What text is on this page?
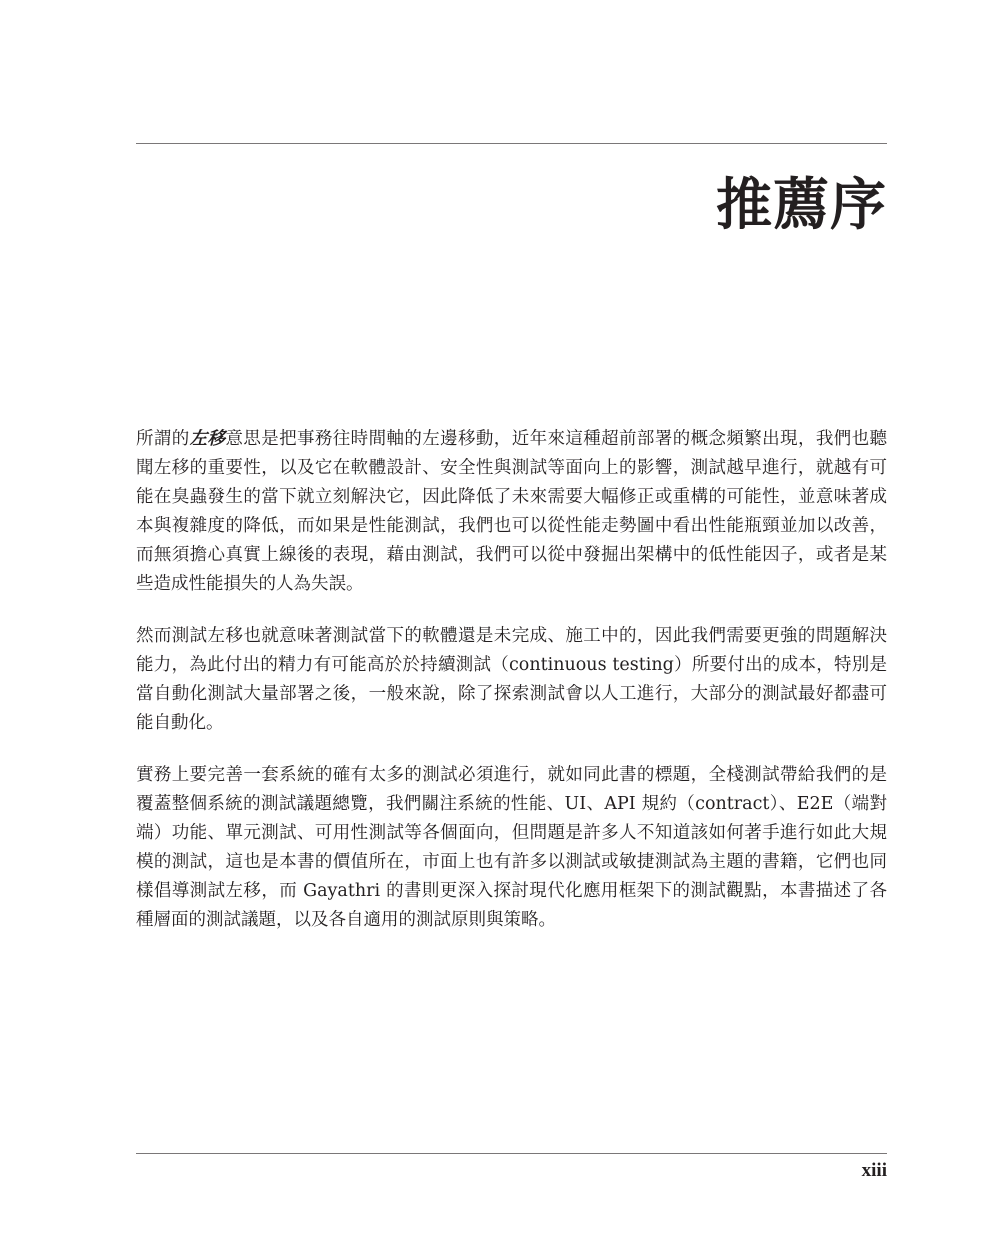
推薦序

所謂的左移意思是把事務往時間軸的左邊移動，近年來這種超前部署的概念頻繁出現，我們也聽聞左移的重要性，以及它在軟體設計、安全性與測試等面向上的影響，測試越早進行，就越有可能在臭蟲發生的當下就立刻解決它，因此降低了未來需要大幅修正或重構的可能性，並意味著成本與複雜度的降低，而如果是性能測試，我們也可以從性能走勢圖中看出性能瓶頸並加以改善，而無須擔心真實上線後的表現，藉由測試，我們可以從中發掘出架構中的低性能因子，或者是某些造成性能損失的人為失誤。

然而測試左移也就意味著測試當下的軟體還是未完成、施工中的，因此我們需要更強的問題解決能力，為此付出的精力有可能高於於持續測試（continuous testing）所要付出的成本，特別是當自動化測試大量部署之後，一般來說，除了探索測試會以人工進行，大部分的測試最好都盡可能自動化。

實務上要完善一套系統的確有太多的測試必須進行，就如同此書的標題，全棧測試帶給我們的是覆蓋整個系統的測試議題總覽，我們關注系統的性能、UI、API 規約（contract）、E2E（端對端）功能、單元測試、可用性測試等各個面向，但問題是許多人不知道該如何著手進行如此大規模的測試，這也是本書的價值所在，市面上也有許多以測試或敏捷測試為主題的書籍，它們也同樣倡導測試左移，而 Gayathri 的書則更深入探討現代化應用框架下的測試觀點，本書描述了各種層面的測試議題，以及各自適用的測試原則與策略。

xiii
